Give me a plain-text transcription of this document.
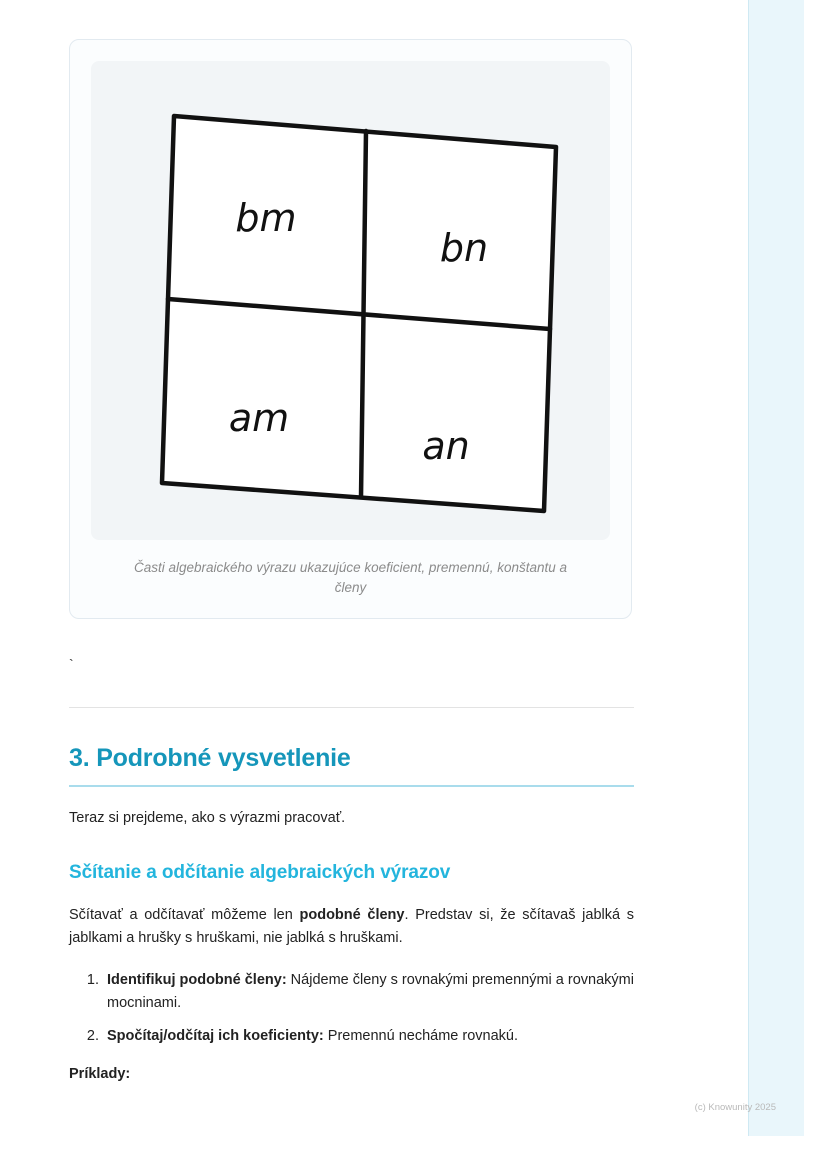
bm
bn
am
an
Časti algebraického výrazu ukazujúce koeficient, premennú, konštantu a členy
`
3. Podrobné vysvetlenie

Teraz si prejdeme, ako s výrazmi pracovať.

Sčítanie a odčítanie algebraických výrazov

Sčítavať a odčítavať môžeme len podobné členy. Predstav si, že sčítavaš jablká s jablkami a hrušky s hruškami, nie jablká s hruškami.

1. Identifikuj podobné členy: Nájdeme členy s rovnakými premennými a rovnakými mocninami.
2. Spočítaj/odčítaj ich koeficienty: Premennú necháme rovnakú.

Príklady:

(c) Knowunity 2025
